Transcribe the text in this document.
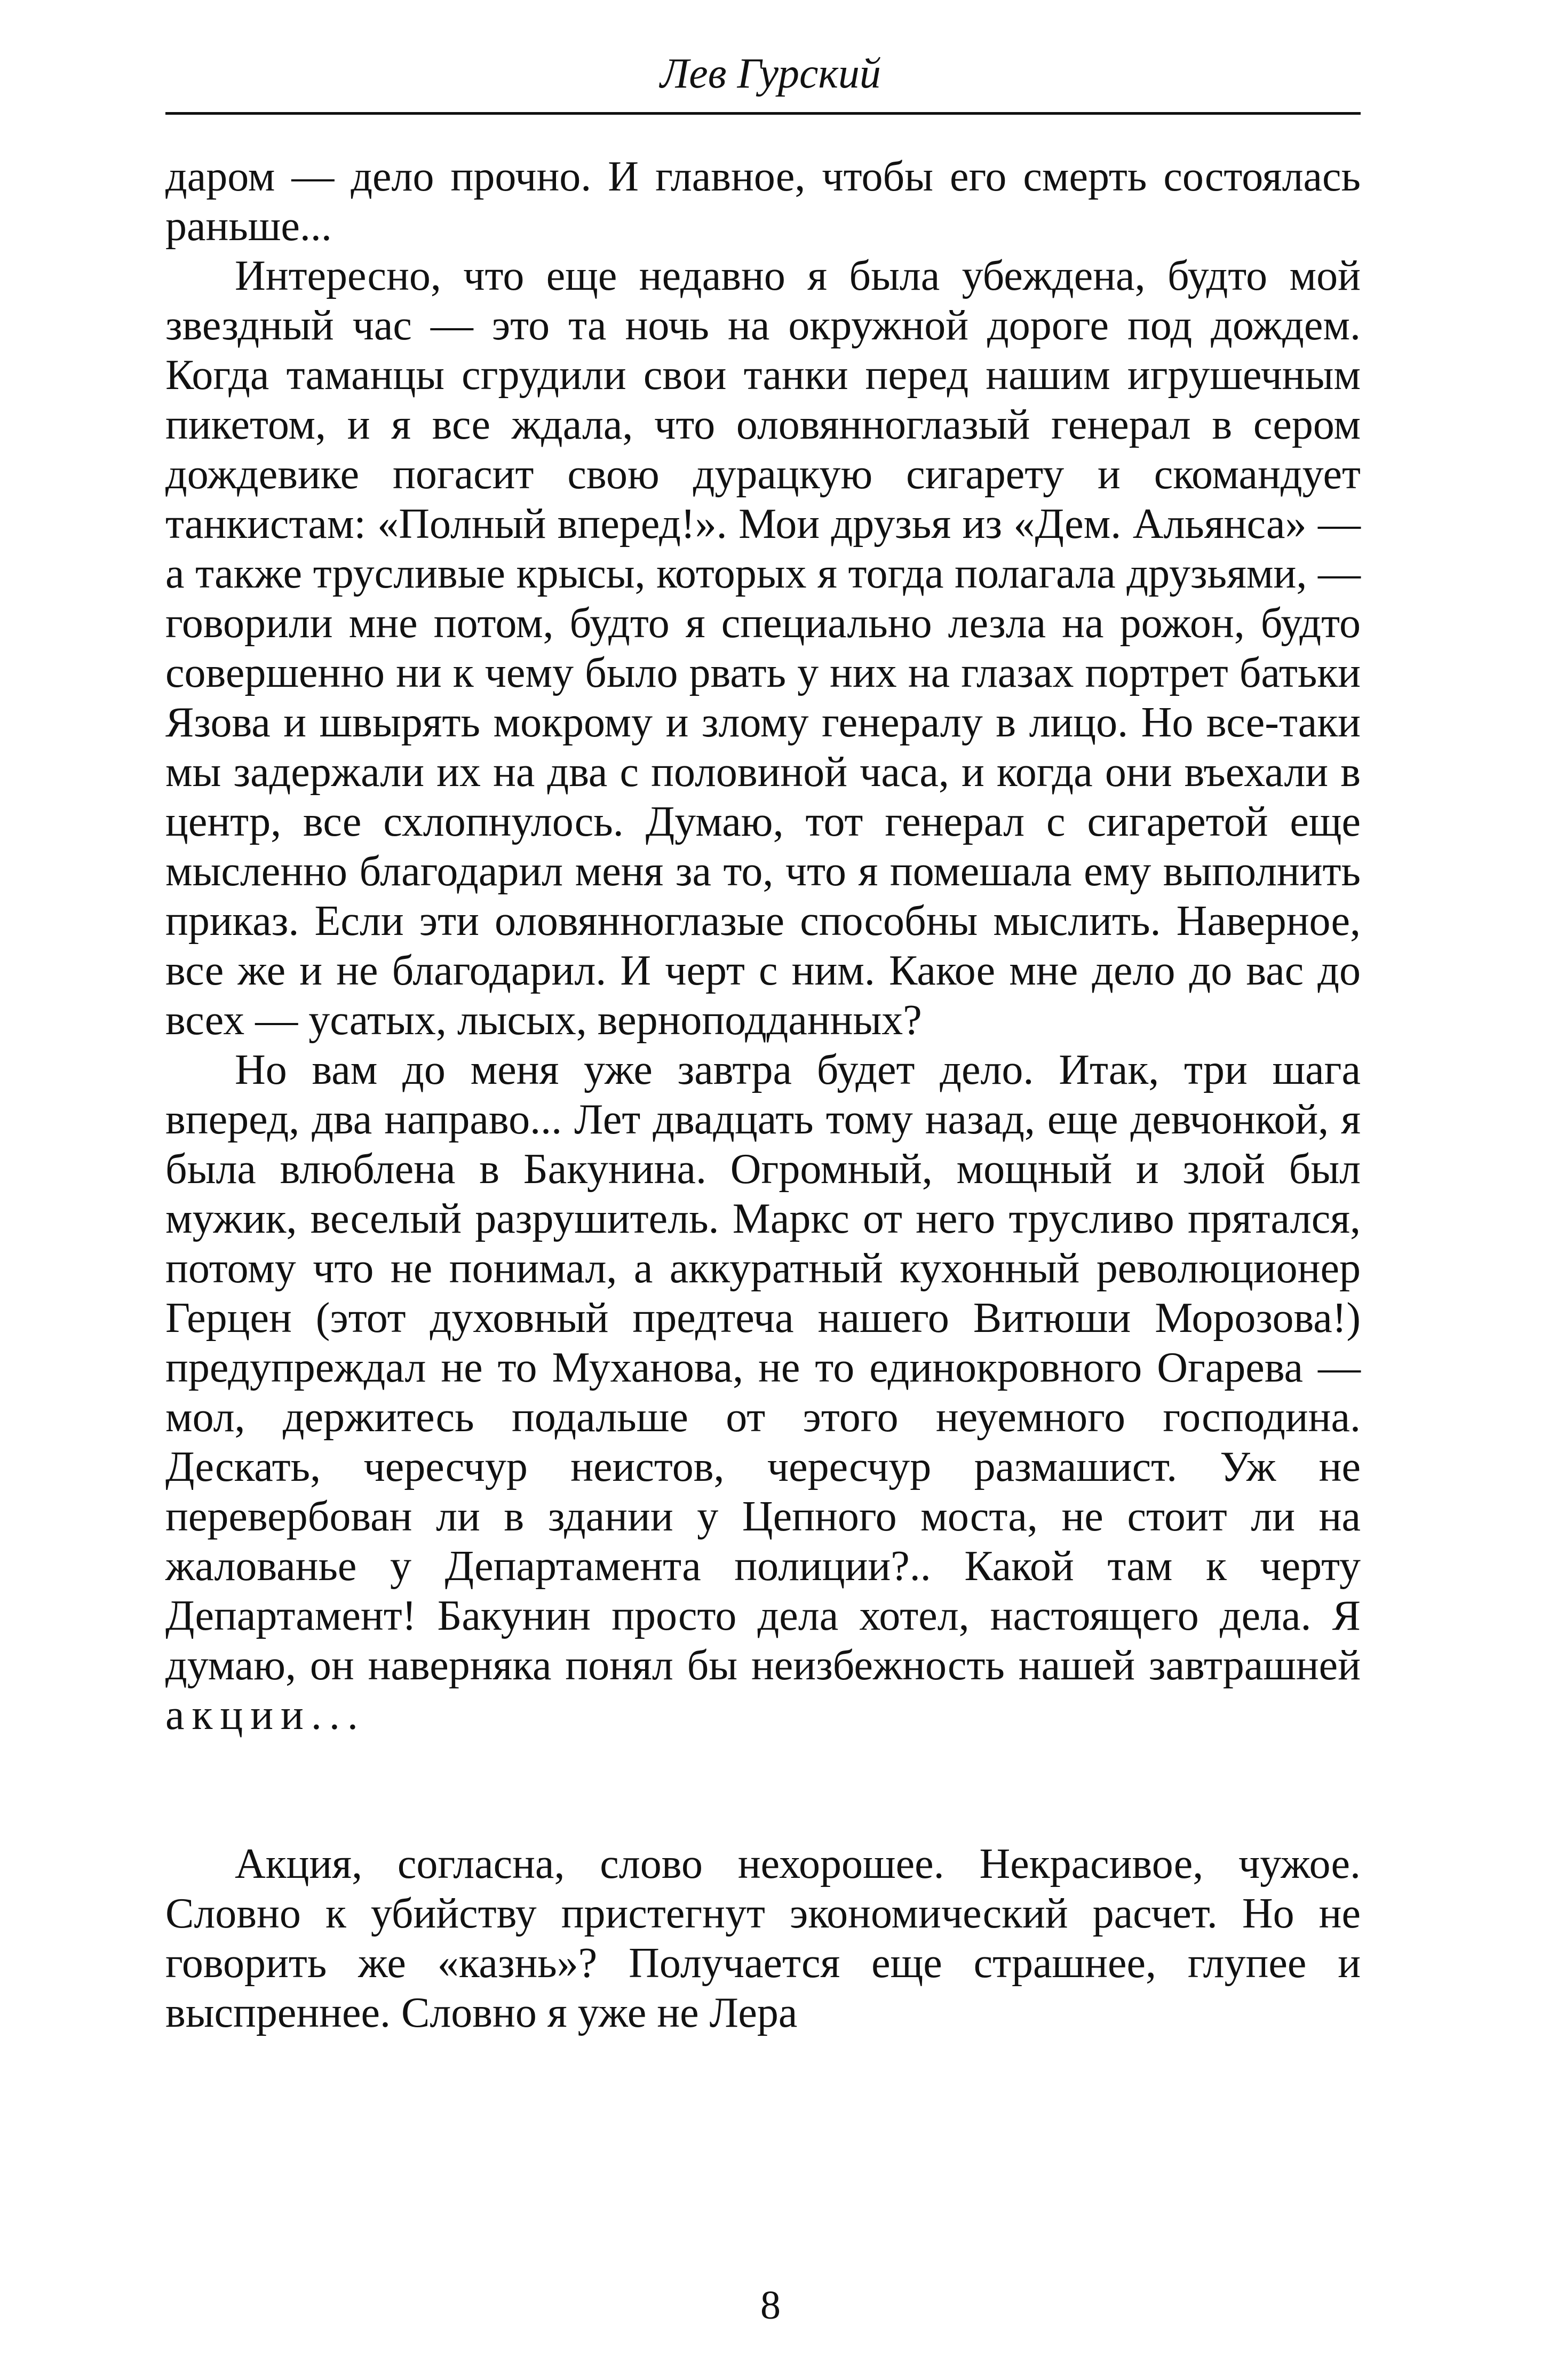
Лев Гурский

даром — дело прочно. И главное, чтобы его смерть состоялась раньше...

Интересно, что еще недавно я была убеждена, будто мой звездный час — это та ночь на окружной дороге под дождем. Когда таманцы сгрудили свои танки перед нашим игрушечным пикетом, и я все ждала, что оловянноглазый генерал в сером дождевике погасит свою дурацкую сигарету и скомандует танкистам: «Полный вперед!». Мои друзья из «Дем. Альянса» — а также трусливые крысы, которых я тогда полагала друзьями, — говорили мне потом, будто я специально лезла на рожон, будто совершенно ни к чему было рвать у них на глазах портрет батьки Язова и швырять мокрому и злому генералу в лицо. Но все-таки мы задержали их на два с половиной часа, и когда они въехали в центр, все схлопнулось. Думаю, тот генерал с сигаретой еще мысленно благодарил меня за то, что я помешала ему выполнить приказ. Если эти оловянноглазые способны мыслить. Наверное, все же и не благодарил. И черт с ним. Какое мне дело до вас до всех — усатых, лысых, верноподданных?

Но вам до меня уже завтра будет дело. Итак, три шага вперед, два направо... Лет двадцать тому назад, еще девчонкой, я была влюблена в Бакунина. Огромный, мощный и злой был мужик, веселый разрушитель. Маркс от него трусливо прятался, потому что не понимал, а аккуратный кухонный революционер Герцен (этот духовный предтеча нашего Витюши Морозова!) предупреждал не то Муханова, не то единокровного Огарева — мол, держитесь подальше от этого неуемного господина. Дескать, чересчур неистов, чересчур размашист. Уж не перевербован ли в здании у Цепного моста, не стоит ли на жалованье у Департамента полиции?.. Какой там к черту Департамент! Бакунин просто дела хотел, настоящего дела. Я думаю, он наверняка понял бы неизбежность нашей завтрашней акции...

Акция, согласна, слово нехорошее. Некрасивое, чужое. Словно к убийству пристегнут экономический расчет. Но не говорить же «казнь»? Получается еще страшнее, глупее и выспреннее. Словно я уже не Лера

8
